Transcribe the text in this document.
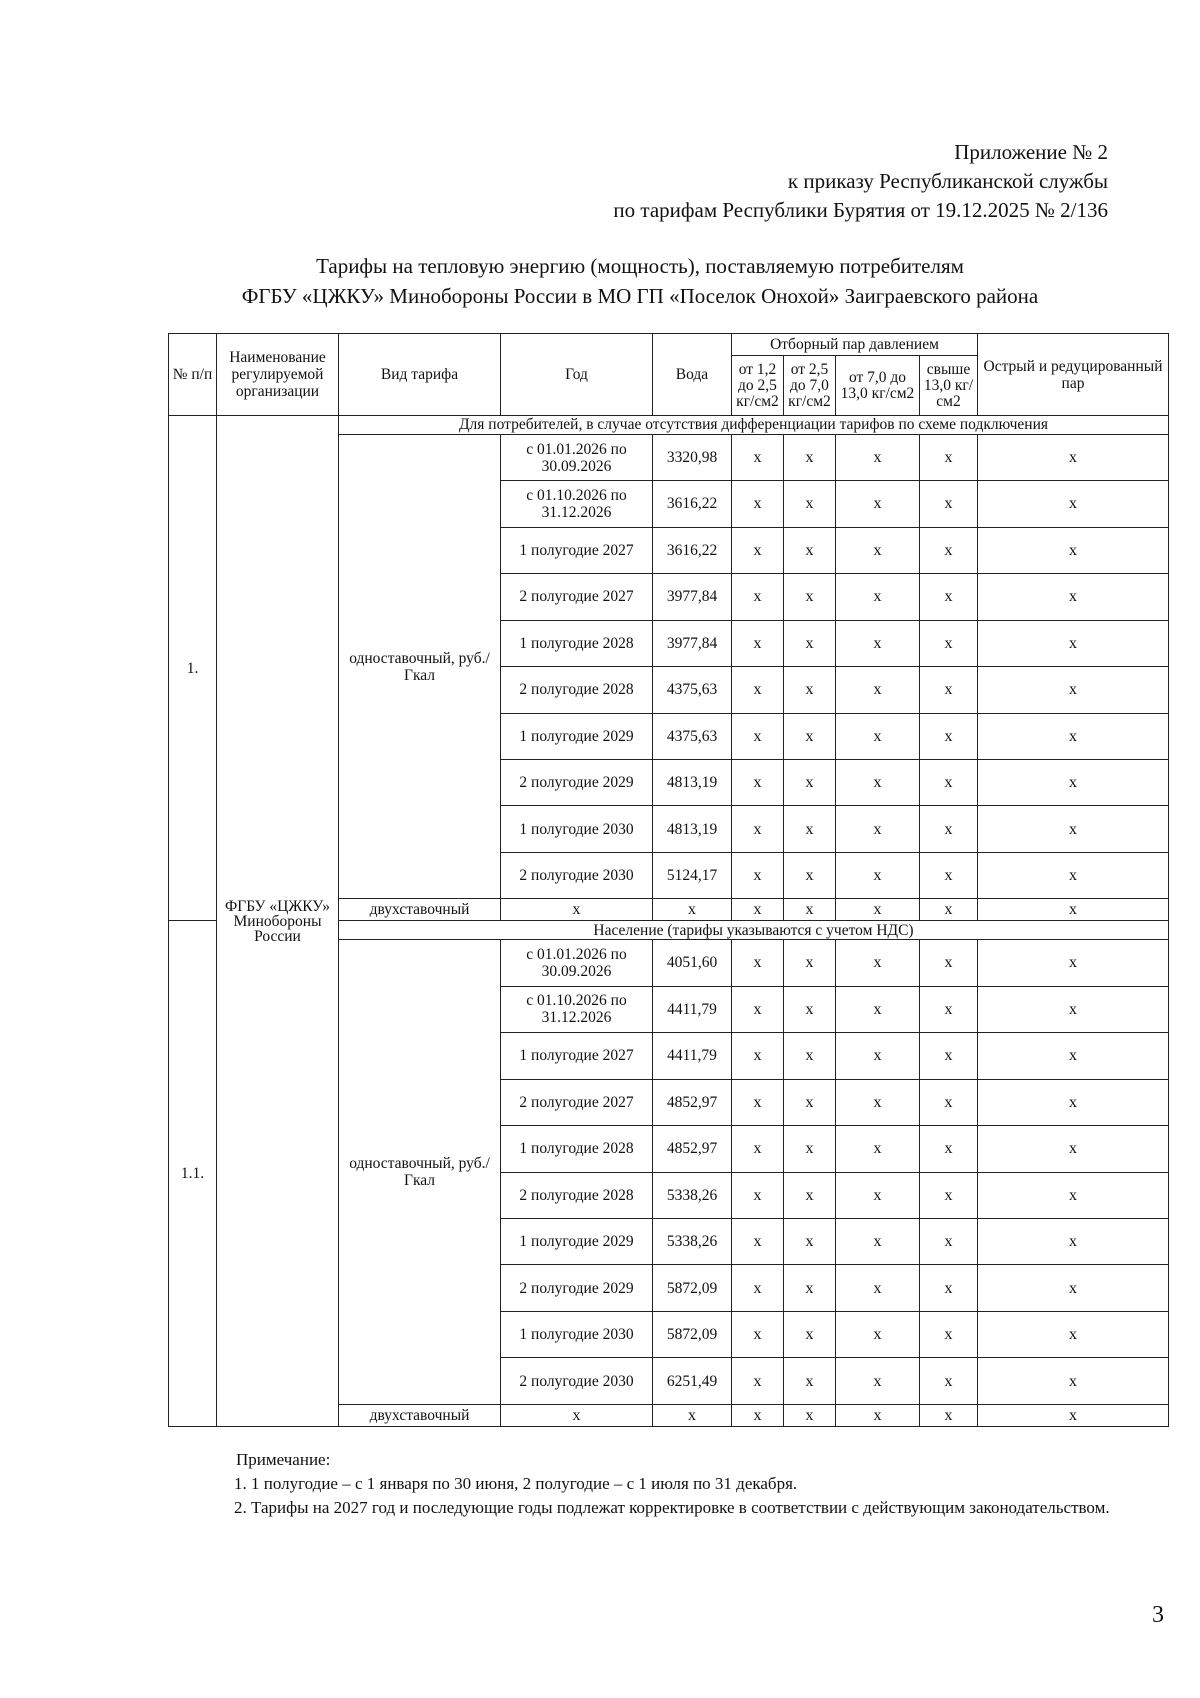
Приложение № 2
к приказу Республиканской службы
по тарифам Республики Бурятия от 19.12.2025 № 2/136
Тарифы на тепловую энергию (мощность), поставляемую потребителям
ФГБУ «ЦЖКУ» Минобороны России в МО ГП «Поселок Онохой» Заиграевского района
№ п/п	Наименование регулируемой организации	Вид тарифа	Год	Вода	Отборный пар давлением				Острый и редуцированный пар
					от 1,2 до 2,5 кг/см2	от 2,5 до 7,0 кг/см2	от 7,0 до 13,0 кг/см2	свыше 13,0 кг/см2	
1.	ФГБУ «ЦЖКУ» Минобороны России	Для потребителей, в случае отсутствия дифференциации тарифов по схеме подключения							
		одноставочный, руб./Гкал	с 01.01.2026 по 30.09.2026	3320,98	x	x	x	x	x
			с 01.10.2026 по 31.12.2026	3616,22	x	x	x	x	x
			1 полугодие 2027	3616,22	x	x	x	x	x
			2 полугодие 2027	3977,84	x	x	x	x	x
			1 полугодие 2028	3977,84	x	x	x	x	x
			2 полугодие 2028	4375,63	x	x	x	x	x
			1 полугодие 2029	4375,63	x	x	x	x	x
			2 полугодие 2029	4813,19	x	x	x	x	x
			1 полугодие 2030	4813,19	x	x	x	x	x
			2 полугодие 2030	5124,17	x	x	x	x	x
		двухставочный	x	x	x	x	x	x	x
1.1.		Население (тарифы указываются с учетом НДС)							
		одноставочный, руб./Гкал	с 01.01.2026 по 30.09.2026	4051,60	x	x	x	x	x
			с 01.10.2026 по 31.12.2026	4411,79	x	x	x	x	x
			1 полугодие 2027	4411,79	x	x	x	x	x
			2 полугодие 2027	4852,97	x	x	x	x	x
			1 полугодие 2028	4852,97	x	x	x	x	x
			2 полугодие 2028	5338,26	x	x	x	x	x
			1 полугодие 2029	5338,26	x	x	x	x	x
			2 полугодие 2029	5872,09	x	x	x	x	x
			1 полугодие 2030	5872,09	x	x	x	x	x
			2 полугодие 2030	6251,49	x	x	x	x	x
		двухставочный	x	x	x	x	x	x	x
Примечание:
1. 1 полугодие – с 1 января по 30 июня, 2 полугодие – с 1 июля по 31 декабря.
2. Тарифы на 2027 год и последующие годы подлежат корректировке в соответствии с действующим законодательством.
3
